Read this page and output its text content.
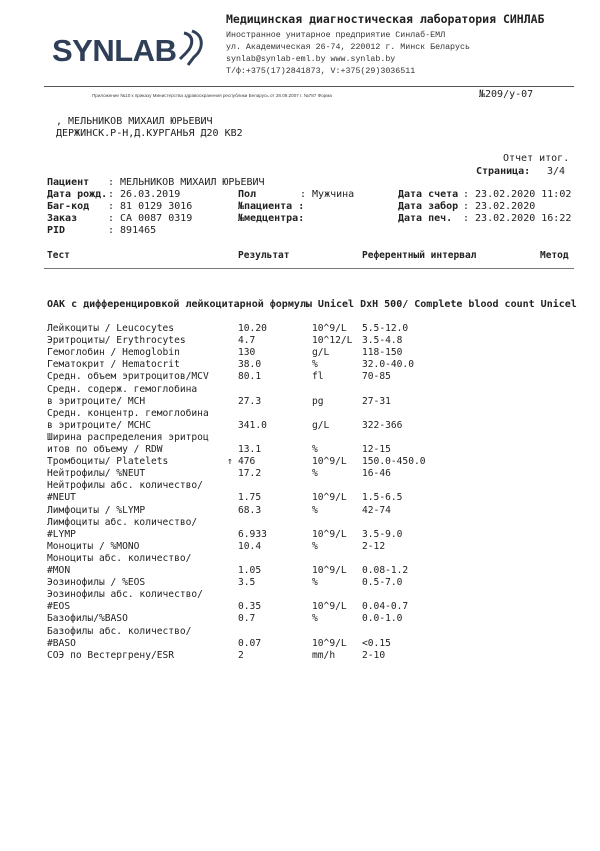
SYNLAB
Медицинская диагностическая лаборатория СИНЛАБ
Иностранное унитарное предприятие Синлаб-ЕМЛ
ул. Академическая 26-74, 220012 г. Минск Беларусь
synlab@synlab-eml.by www.synlab.by
Т/ф:+375(17)2841873, V:+375(29)3036511
Приложение №10 к приказу Министерства здравоохранения республики Беларусь от 28.09.2007 г. №787 Форма	№209/у-07
, МЕЛЬНИКОВ МИХАИЛ ЮРЬЕВИЧ
ДЕРЖИНСК.Р-Н,Д.КУРГАНЬЯ Д20 КВ2
Отчет итог.
Страница: 3/4
Пациент : МЕЛЬНИКОВ МИХАИЛ ЮРЬЕВИЧ
Дата рожд. : 26.03.2019
Баг-код : 81 0129 3016
Заказ	: СА 0087 0319
PID	: 891465
Пол	: Мужчина
№пациента :
№медцентра:
Дата счета : 23.02.2020 11:02
Дата забор : 23.02.2020
Дата печ. : 23.02.2020 16:22
Тест	Результат	Референтный интервал	Метод
ОАК с дифференцировкой лейкоцитарной формулы Unicel DxH 500/ Complete blood count Unicel
Лейкоциты / Leucocytes	10.20	10^9/L 5.5-12.0
Эритроциты/ Erythrocytes	4.7	10^12/L 3.5-4.8
Гемоглобин / Hemoglobin	130	g/L	118-150
Гематокрит / Hematocrit	38.0	%	32.0-40.0
Средн. объем эритроцитов/MCV	80.1	fl	70-85
Средн. содерж. гемоглобина
в эритроците/ MCH	27.3	pg	27-31
Средн. концентр. гемоглобина
в эритроците/ MCHC	341.0	g/L	322-366
Ширина распределения эритроц
итов по объему / RDW	13.1	%	12-15
Тромбоциты/ Platelets	↑ 476	10^9/L 150.0-450.0
Нейтрофилы/ %NEUT	17.2	%	16-46
Нейтрофилы абс. количество/
#NEUT	1.75	10^9/L 1.5-6.5
Лимфоциты / %LYMP	68.3	%	42-74
Лимфоциты абс. количество/
#LYMP	6.933	10^9/L 3.5-9.0
Моноциты / %MONO	10.4	%	2-12
Моноциты абс. количество/
#MON	1.05	10^9/L 0.08-1.2
Эозинофилы / %EOS	3.5	%	0.5-7.0
Эозинофилы абс. количество/
#EOS	0.35	10^9/L 0.04-0.7
Базофилы/%BASO	0.7	%	0.0-1.0
Базофилы абс. количество/
#BASO	0.07	10^9/L <0.15
СОЭ по Вестергрену/ESR	2	mm/h	2-10
